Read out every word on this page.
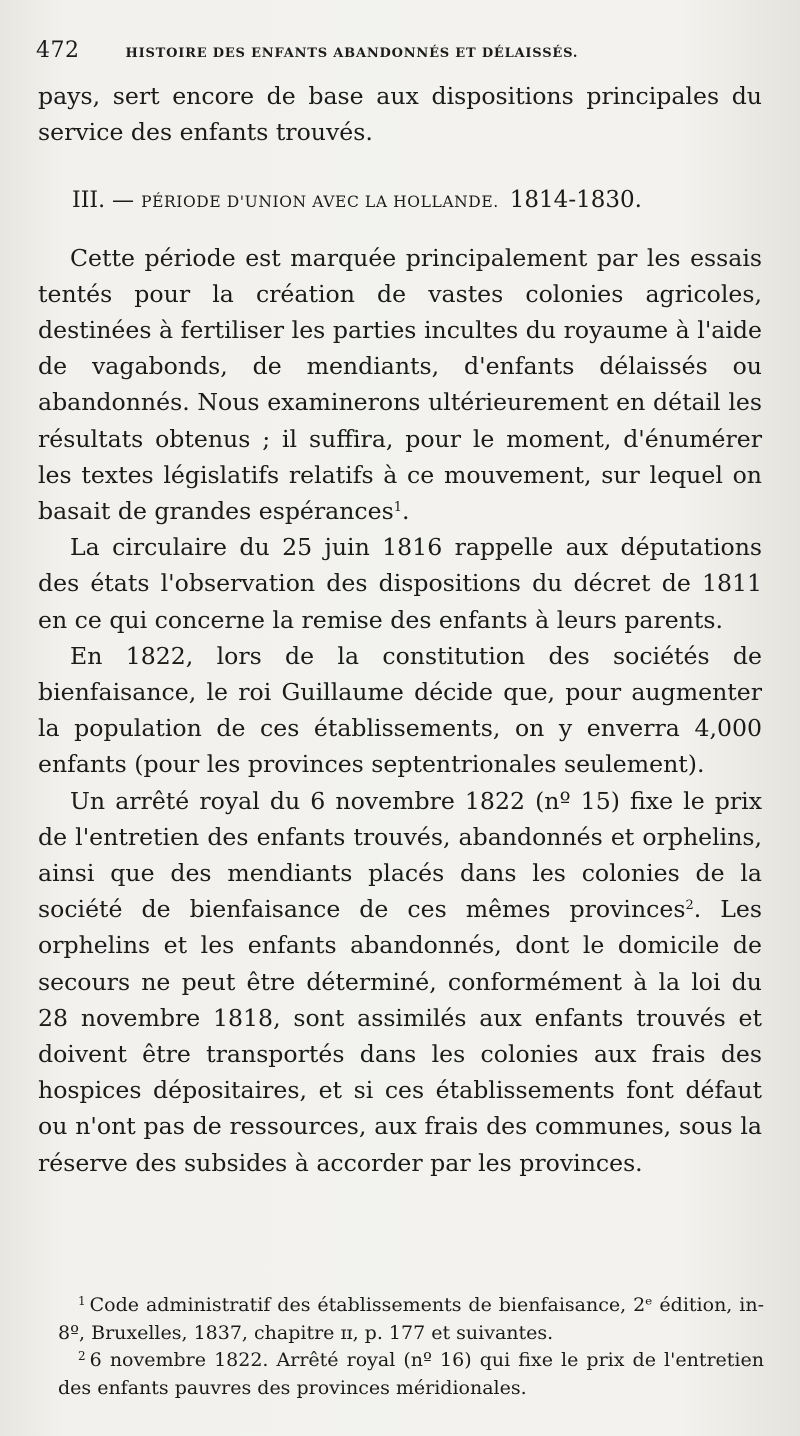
472	HISTOIRE DES ENFANTS ABANDONNÉS ET DÉLAISSÉS.

pays, sert encore de base aux dispositions principales du service des enfants trouvés.

III. — PÉRIODE D'UNION AVEC LA HOLLANDE. 1814-1830.

Cette période est marquée principalement par les essais tentés pour la création de vastes colonies agricoles, destinées à fertiliser les parties incultes du royaume à l'aide de vagabonds, de mendiants, d'enfants délaissés ou abandonnés. Nous examinerons ultérieurement en détail les résultats obtenus ; il suffira, pour le moment, d'énumérer les textes législatifs relatifs à ce mouvement, sur lequel on basait de grandes espérances$^1$.

La circulaire du 25 juin 1816 rappelle aux députations des états l'observation des dispositions du décret de 1811 en ce qui concerne la remise des enfants à leurs parents.

En 1822, lors de la constitution des sociétés de bienfaisance, le roi Guillaume décide que, pour augmenter la population de ces établissements, on y enverra 4,000 enfants (pour les provinces septentrionales seulement).

Un arrêté royal du 6 novembre 1822 (nº 15) fixe le prix de l'entretien des enfants trouvés, abandonnés et orphelins, ainsi que des mendiants placés dans les colonies de la société de bienfaisance de ces mêmes provinces$^2$. Les orphelins et les enfants abandonnés, dont le domicile de secours ne peut être déterminé, conformément à la loi du 28 novembre 1818, sont assimilés aux enfants trouvés et doivent être transportés dans les colonies aux frais des hospices dépositaires, et si ces établissements font défaut ou n'ont pas de ressources, aux frais des communes, sous la réserve des subsides à accorder par les provinces.

$^1$ Code administratif des établissements de bienfaisance, 2ᵉ édition, in-8º, Bruxelles, 1837, chapitre ɪɪ, p. 177 et suivantes.

$^2$ 6 novembre 1822. Arrêté royal (nº 16) qui fixe le prix de l'entretien des enfants pauvres des provinces méridionales.
